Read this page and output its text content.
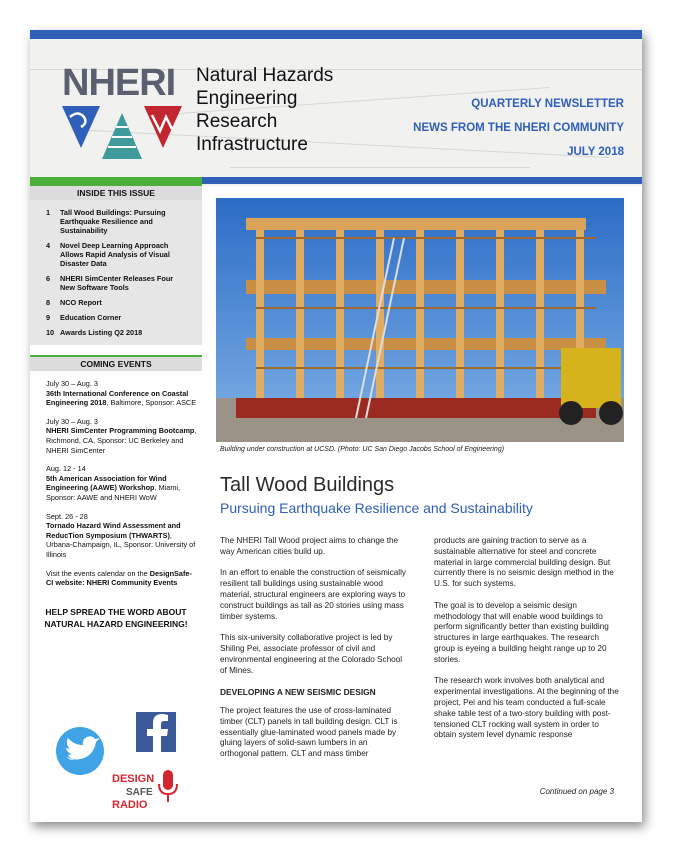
NHERI Natural Hazards
Engineering
Research
Infrastructure
QUARTERLY NEWSLETTER
NEWS FROM THE NHERI COMMUNITY
JULY 2018
INSIDE THIS ISSUE
1	Tall Wood Buildings: Pursuing Earthquake Resilience and Sustainability
4	Novel Deep Learning Approach Allows Rapid Analysis of Visual Disaster Data
6	NHERI SimCenter Releases Four New Software Tools
8	NCO Report
9	Education Corner
10 Awards Listing Q2 2018
COMING EVENTS
July 30 – Aug. 3
36th International Conference on Coastal Engineering 2018, Baltimore, Sponsor: ASCE
July 30 – Aug. 3
NHERI SimCenter Programming Bootcamp, Richmond, CA, Sponsor: UC Berkeley and NHERI SimCenter
Aug. 12 - 14
5th American Association for Wind Engineering (AAWE) Workshop, Miami, Sponsor: AAWE and NHERI WoW
Sept. 26 - 28
Tornado Hazard Wind Assessment and ReducTion Symposium (THWARTS), Urbana-Champaign, IL, Sponsor: University of Illinois
Visit the events calendar on the DesignSafe-CI website: NHERI Community Events
HELP SPREAD THE WORD ABOUT NATURAL HAZARD ENGINEERING!
DESIGN
SAFE
RADIO
Building under construction at UCSD. (Photo: UC San Diego Jacobs School of Engineering)
Tall Wood Buildings
Pursuing Earthquake Resilience and Sustainability

The NHERI Tall Wood project aims to change the way American cities build up.

In an effort to enable the construction of seismically resilient tall buildings using sustainable wood material, structural engineers are exploring ways to construct buildings as tall as 20 stories using mass timber systems.

This six-university collaborative project is led by Shiling Pei, associate professor of civil and environmental engineering at the Colorado School of Mines.

DEVELOPING A NEW SEISMIC DESIGN

The project features the use of cross-laminated timber (CLT) panels in tall building design. CLT is essentially glue-laminated wood panels made by gluing layers of solid-sawn lumbers in an orthogonal pattern. CLT and mass timber

products are gaining traction to serve as a sustainable alternative for steel and concrete material in large commercial building design. But currently there is no seismic design method in the U.S. for such systems.

The goal is to develop a seismic design methodology that will enable wood buildings to perform significantly better than existing building structures in large earthquakes. The research group is eyeing a building height range up to 20 stories.

The research work involves both analytical and experimental investigations. At the beginning of the project, Pei and his team conducted a full-scale shake table test of a two-story building with post-tensioned CLT rocking wall system in order to obtain system level dynamic response

Continued on page 3
